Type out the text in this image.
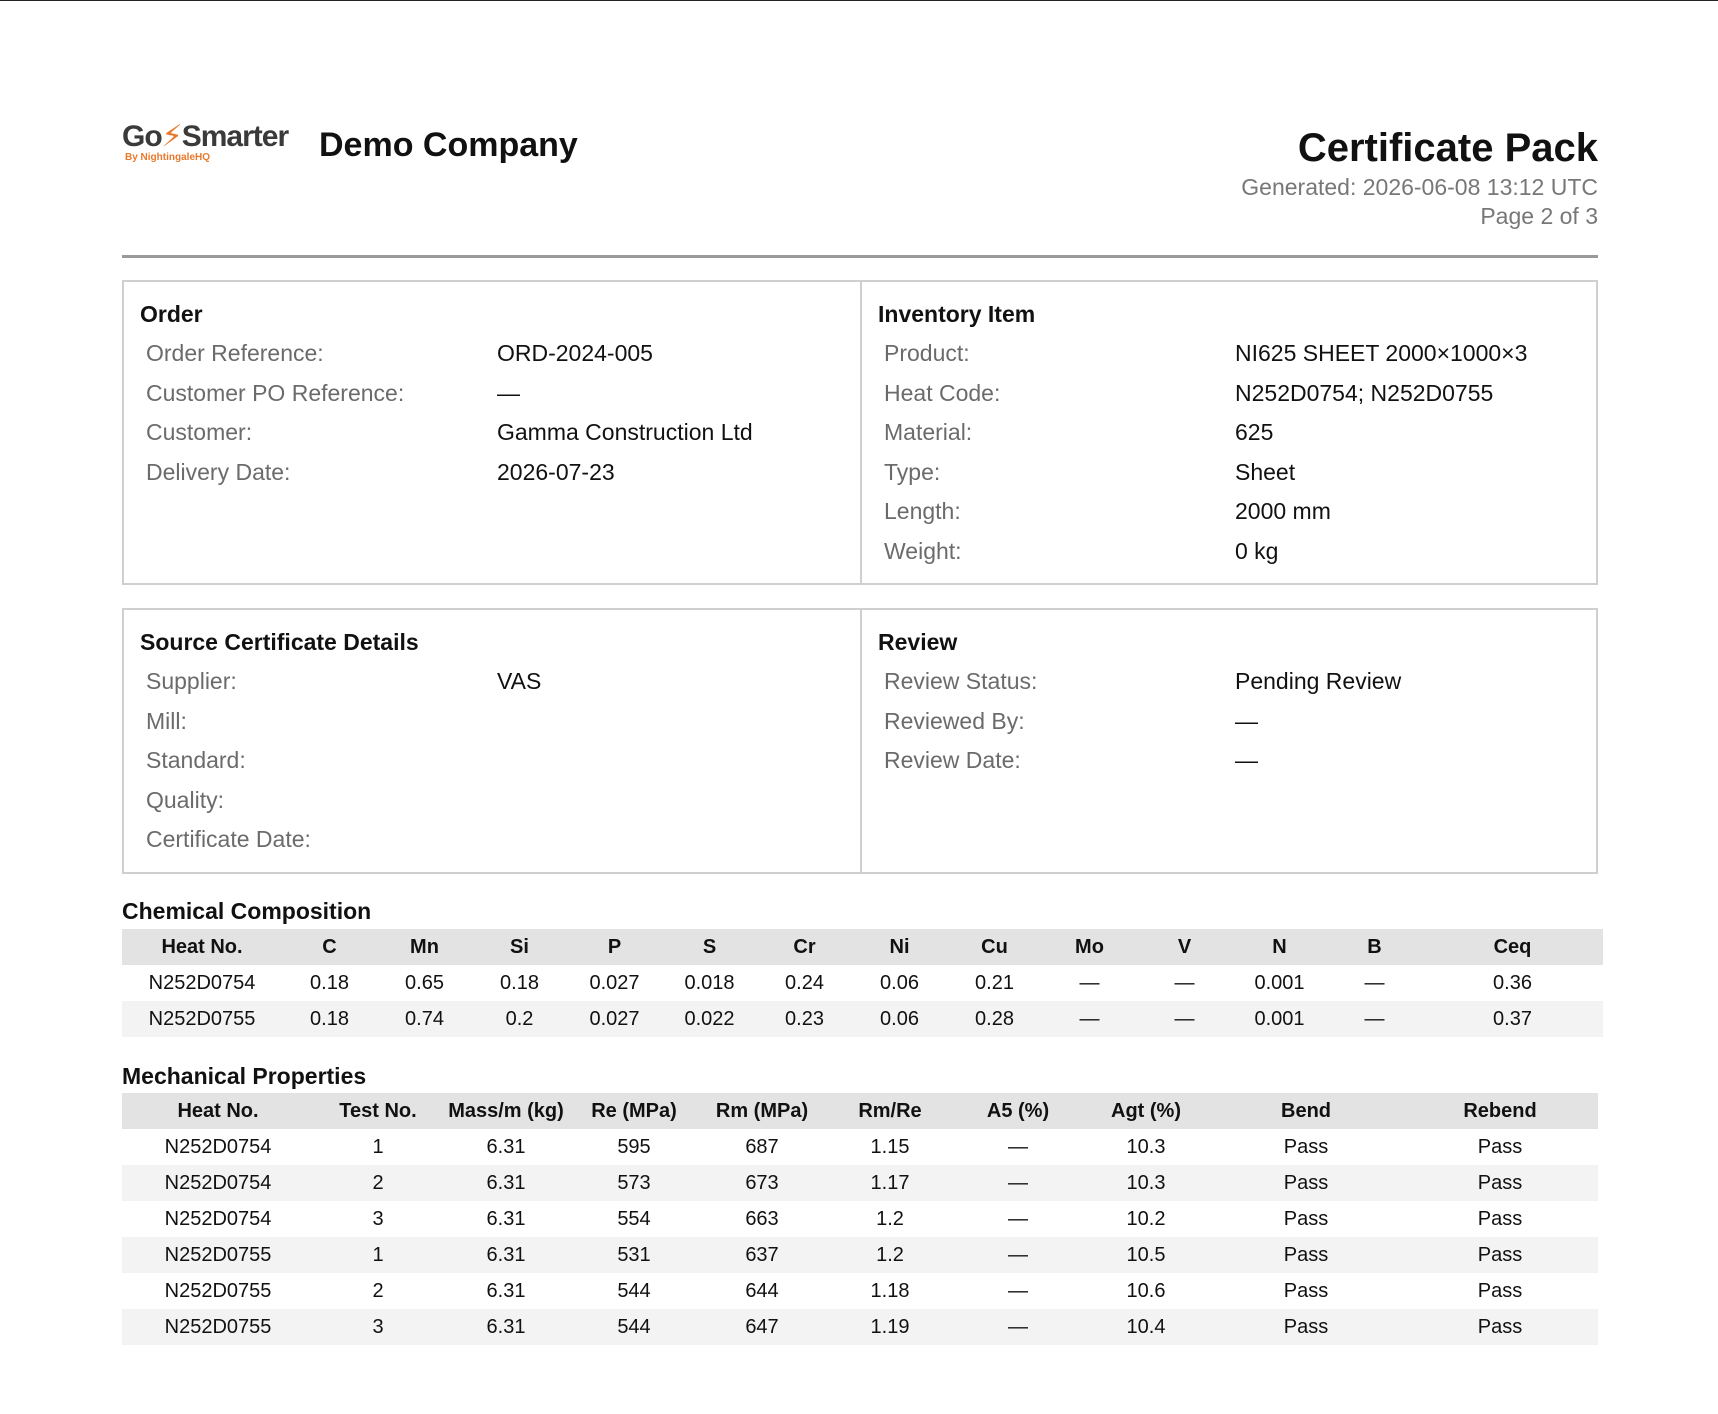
Go⚡Smarter
By NightingaleHQ	Demo Company	Certificate Pack
Generated: 2026-06-08 13:12 UTC
Page 2 of 3
Order
Order Reference:	ORD-2024-005
Customer PO Reference:	—
Customer:	Gamma Construction Ltd
Delivery Date:	2026-07-23
Inventory Item
Product:	NI625 SHEET 2000×1000×3
Heat Code:	N252D0754; N252D0755
Material:	625
Type:	Sheet
Length:	2000 mm
Weight:	0 kg
Source Certificate Details
Supplier:	VAS
Mill:
Standard:
Quality:
Certificate Date:
Review
Review Status:	Pending Review
Reviewed By:	—
Review Date:	—
Chemical Composition
Heat No.	C	Mn	Si	P	S	Cr	Ni	Cu	Mo	V	N	B	Ceq
N252D0754	0.18	0.65	0.18	0.027	0.018	0.24	0.06	0.21	—	—	0.001	—	0.36
N252D0755	0.18	0.74	0.2	0.027	0.022	0.23	0.06	0.28	—	—	0.001	—	0.37
Mechanical Properties
Heat No.	Test No.	Mass/m (kg)	Re (MPa)	Rm (MPa)	Rm/Re	A5 (%)	Agt (%)	Bend	Rebend
N252D0754	1	6.31	595	687	1.15	—	10.3	Pass	Pass
N252D0754	2	6.31	573	673	1.17	—	10.3	Pass	Pass
N252D0754	3	6.31	554	663	1.2	—	10.2	Pass	Pass
N252D0755	1	6.31	531	637	1.2	—	10.5	Pass	Pass
N252D0755	2	6.31	544	644	1.18	—	10.6	Pass	Pass
N252D0755	3	6.31	544	647	1.19	—	10.4	Pass	Pass
